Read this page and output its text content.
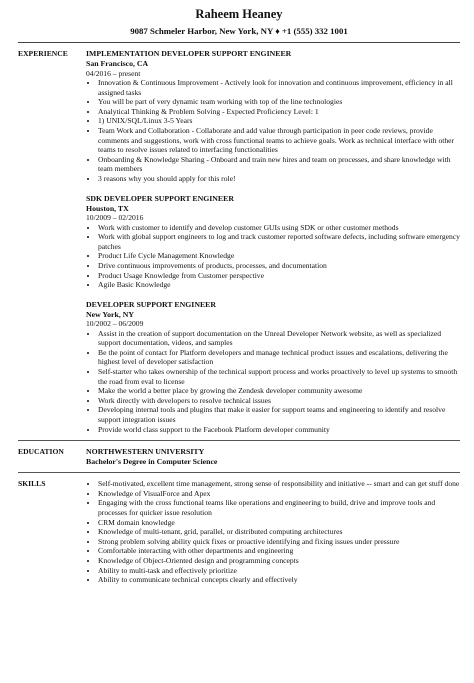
Raheem Heaney
9087 Schmeler Harbor, New York, NY ♦ +1 (555) 332 1001
EXPERIENCE	IMPLEMENTATION DEVELOPER SUPPORT ENGINEER
San Francisco, CA
04/2016 – present
• Innovation & Continuous Improvement - Actively look for innovation and continuous improvement, efficiency in all assigned tasks
• You will be part of very dynamic team working with top of the line technologies
• Analytical Thinking & Problem Solving - Expected Proficiency Level: 1
• 1) UNIX/SQL/Linux 3-5 Years
• Team Work and Collaboration - Collaborate and add value through participation in peer code reviews, provide comments and suggestions, work with cross functional teams to achieve goals. Work as technical interface with other teams to resolve issues related to interfacing functionalities
• Onboarding & Knowledge Sharing - Onboard and train new hires and team on processes, and share knowledge with team members
• 3 reasons why you should apply for this role!
SDK DEVELOPER SUPPORT ENGINEER
Houston, TX
10/2009 – 02/2016
• Work with customer to identify and develop customer GUIs using SDK or other customer methods
• Work with global support engineers to log and track customer reported software defects, including software emergency patches
• Product Life Cycle Management Knowledge
• Drive continuous improvements of products, processes, and documentation
• Product Usage Knowledge from Customer perspective
• Agile Basic Knowledge
DEVELOPER SUPPORT ENGINEER
New York, NY
10/2002 – 06/2009
• Assist in the creation of support documentation on the Unreal Developer Network website, as well as specialized support documentation, videos, and samples
• Be the point of contact for Platform developers and manage technical product issues and escalations, delivering the highest level of developer satisfaction
• Self-starter who takes ownership of the technical support process and works proactively to level up systems to smooth the road from eval to license
• Make the world a better place by growing the Zendesk developer community awesome
• Work directly with developers to resolve technical issues
• Developing internal tools and plugins that make it easier for support teams and engineering to identify and resolve support integration issues
• Provide world class support to the Facebook Platform developer community
EDUCATION	NORTHWESTERN UNIVERSITY
Bachelor's Degree in Computer Science
SKILLS
•	Self-motivated, excellent time management, strong sense of responsibility and initiative -- smart and can get stuff done
• Knowledge of VisualForce and Apex
• Engaging with the cross functional teams like operations and engineering to build, drive and improve tools and processes for quicker issue resolution
• CRM domain knowledge
• Knowledge of multi-tenant, grid, parallel, or distributed computing architectures
• Strong problem solving ability quick fixes or proactive identifying and fixing issues under pressure
• Comfortable interacting with other departments and engineering
• Knowledge of Object-Oriented design and programming concepts
• Ability to multi-task and effectively prioritize
• Ability to communicate technical concepts clearly and effectively
